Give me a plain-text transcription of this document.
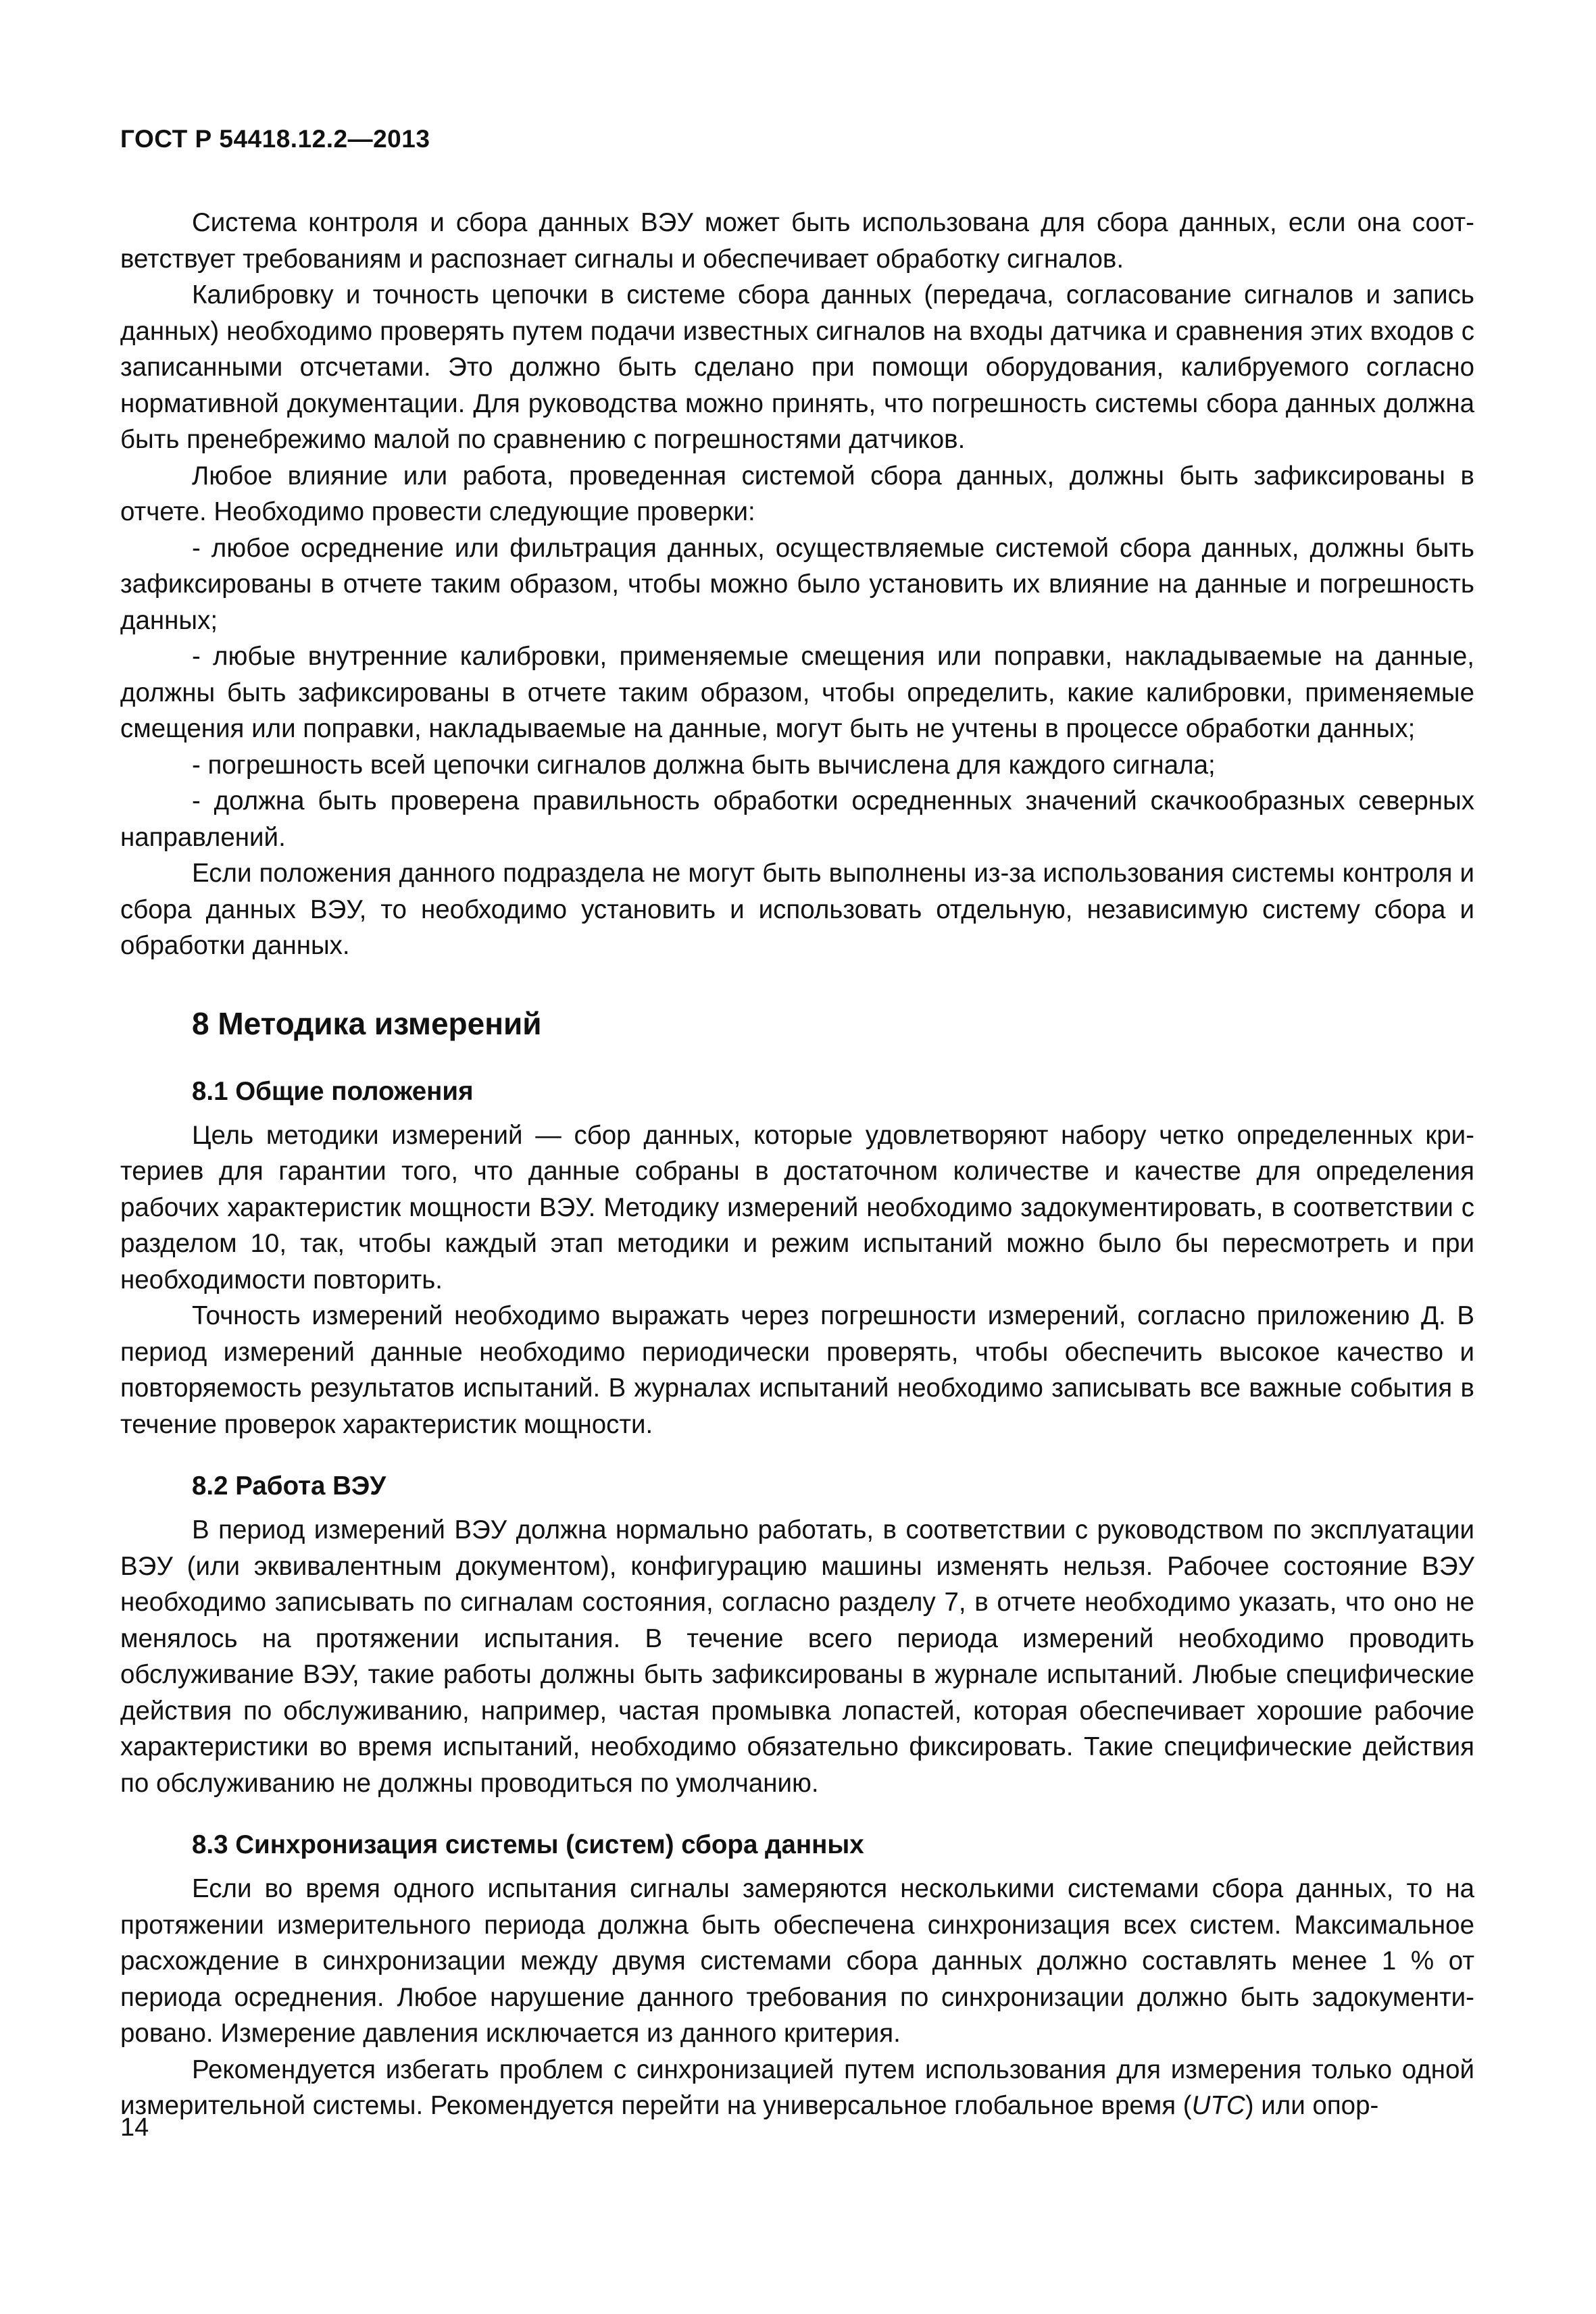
ГОСТ Р 54418.12.2—2013

Система контроля и сбора данных ВЭУ может быть использована для сбора данных, если она соответствует требованиям и распознает сигналы и обеспечивает обработку сигналов.

Калибровку и точность цепочки в системе сбора данных (передача, согласование сигналов и запись данных) необходимо проверять путем подачи известных сигналов на входы датчика и сравнения этих входов с записанными отсчетами. Это должно быть сделано при помощи оборудования, калибруемого согласно нормативной документации. Для руководства можно принять, что погрешность системы сбора данных должна быть пренебрежимо малой по сравнению с погрешностями датчиков.

Любое влияние или работа, проведенная системой сбора данных, должны быть зафиксированы в отчете. Необходимо провести следующие проверки:

- любое осреднение или фильтрация данных, осуществляемые системой сбора данных, должны быть зафиксированы в отчете таким образом, чтобы можно было установить их влияние на данные и погрешность данных;

- любые внутренние калибровки, применяемые смещения или поправки, накладываемые на данные, должны быть зафиксированы в отчете таким образом, чтобы определить, какие калибровки, применяемые смещения или поправки, накладываемые на данные, могут быть не учтены в процессе обработки данных;

- погрешность всей цепочки сигналов должна быть вычислена для каждого сигнала;

- должна быть проверена правильность обработки осредненных значений скачкообразных северных направлений.

Если положения данного подраздела не могут быть выполнены из-за использования системы контроля и сбора данных ВЭУ, то необходимо установить и использовать отдельную, независимую систему сбора и обработки данных.

8 Методика измерений
8.1 Общие положения

Цель методики измерений — сбор данных, которые удовлетворяют набору четко определенных критериев для гарантии того, что данные собраны в достаточном количестве и качестве для определения рабочих характеристик мощности ВЭУ. Методику измерений необходимо задокументировать, в соответствии с разделом 10, так, чтобы каждый этап методики и режим испытаний можно было бы пересмотреть и при необходимости повторить.

Точность измерений необходимо выражать через погрешности измерений, согласно приложению Д. В период измерений данные необходимо периодически проверять, чтобы обеспечить высокое качество и повторяемость результатов испытаний. В журналах испытаний необходимо записывать все важные события в течение проверок характеристик мощности.

8.2 Работа ВЭУ

В период измерений ВЭУ должна нормально работать, в соответствии с руководством по эксплуатации ВЭУ (или эквивалентным документом), конфигурацию машины изменять нельзя. Рабочее состояние ВЭУ необходимо записывать по сигналам состояния, согласно разделу 7, в отчете необходимо указать, что оно не менялось на протяжении испытания. В течение всего периода измерений необходимо проводить обслуживание ВЭУ, такие работы должны быть зафиксированы в журнале испытаний. Любые специфические действия по обслуживанию, например, частая промывка лопастей, которая обеспечивает хорошие рабочие характеристики во время испытаний, необходимо обязательно фиксировать. Такие специфические действия по обслуживанию не должны проводиться по умолчанию.

8.3 Синхронизация системы (систем) сбора данных

Если во время одного испытания сигналы замеряются несколькими системами сбора данных, то на протяжении измерительного периода должна быть обеспечена синхронизация всех систем. Максимальное расхождение в синхронизации между двумя системами сбора данных должно составлять менее 1 % от периода осреднения. Любое нарушение данного требования по синхронизации должно быть задокументировано. Измерение давления исключается из данного критерия.

Рекомендуется избегать проблем с синхронизацией путем использования для измерения только одной измерительной системы. Рекомендуется перейти на универсальное глобальное время (UTC) или опор-

14
